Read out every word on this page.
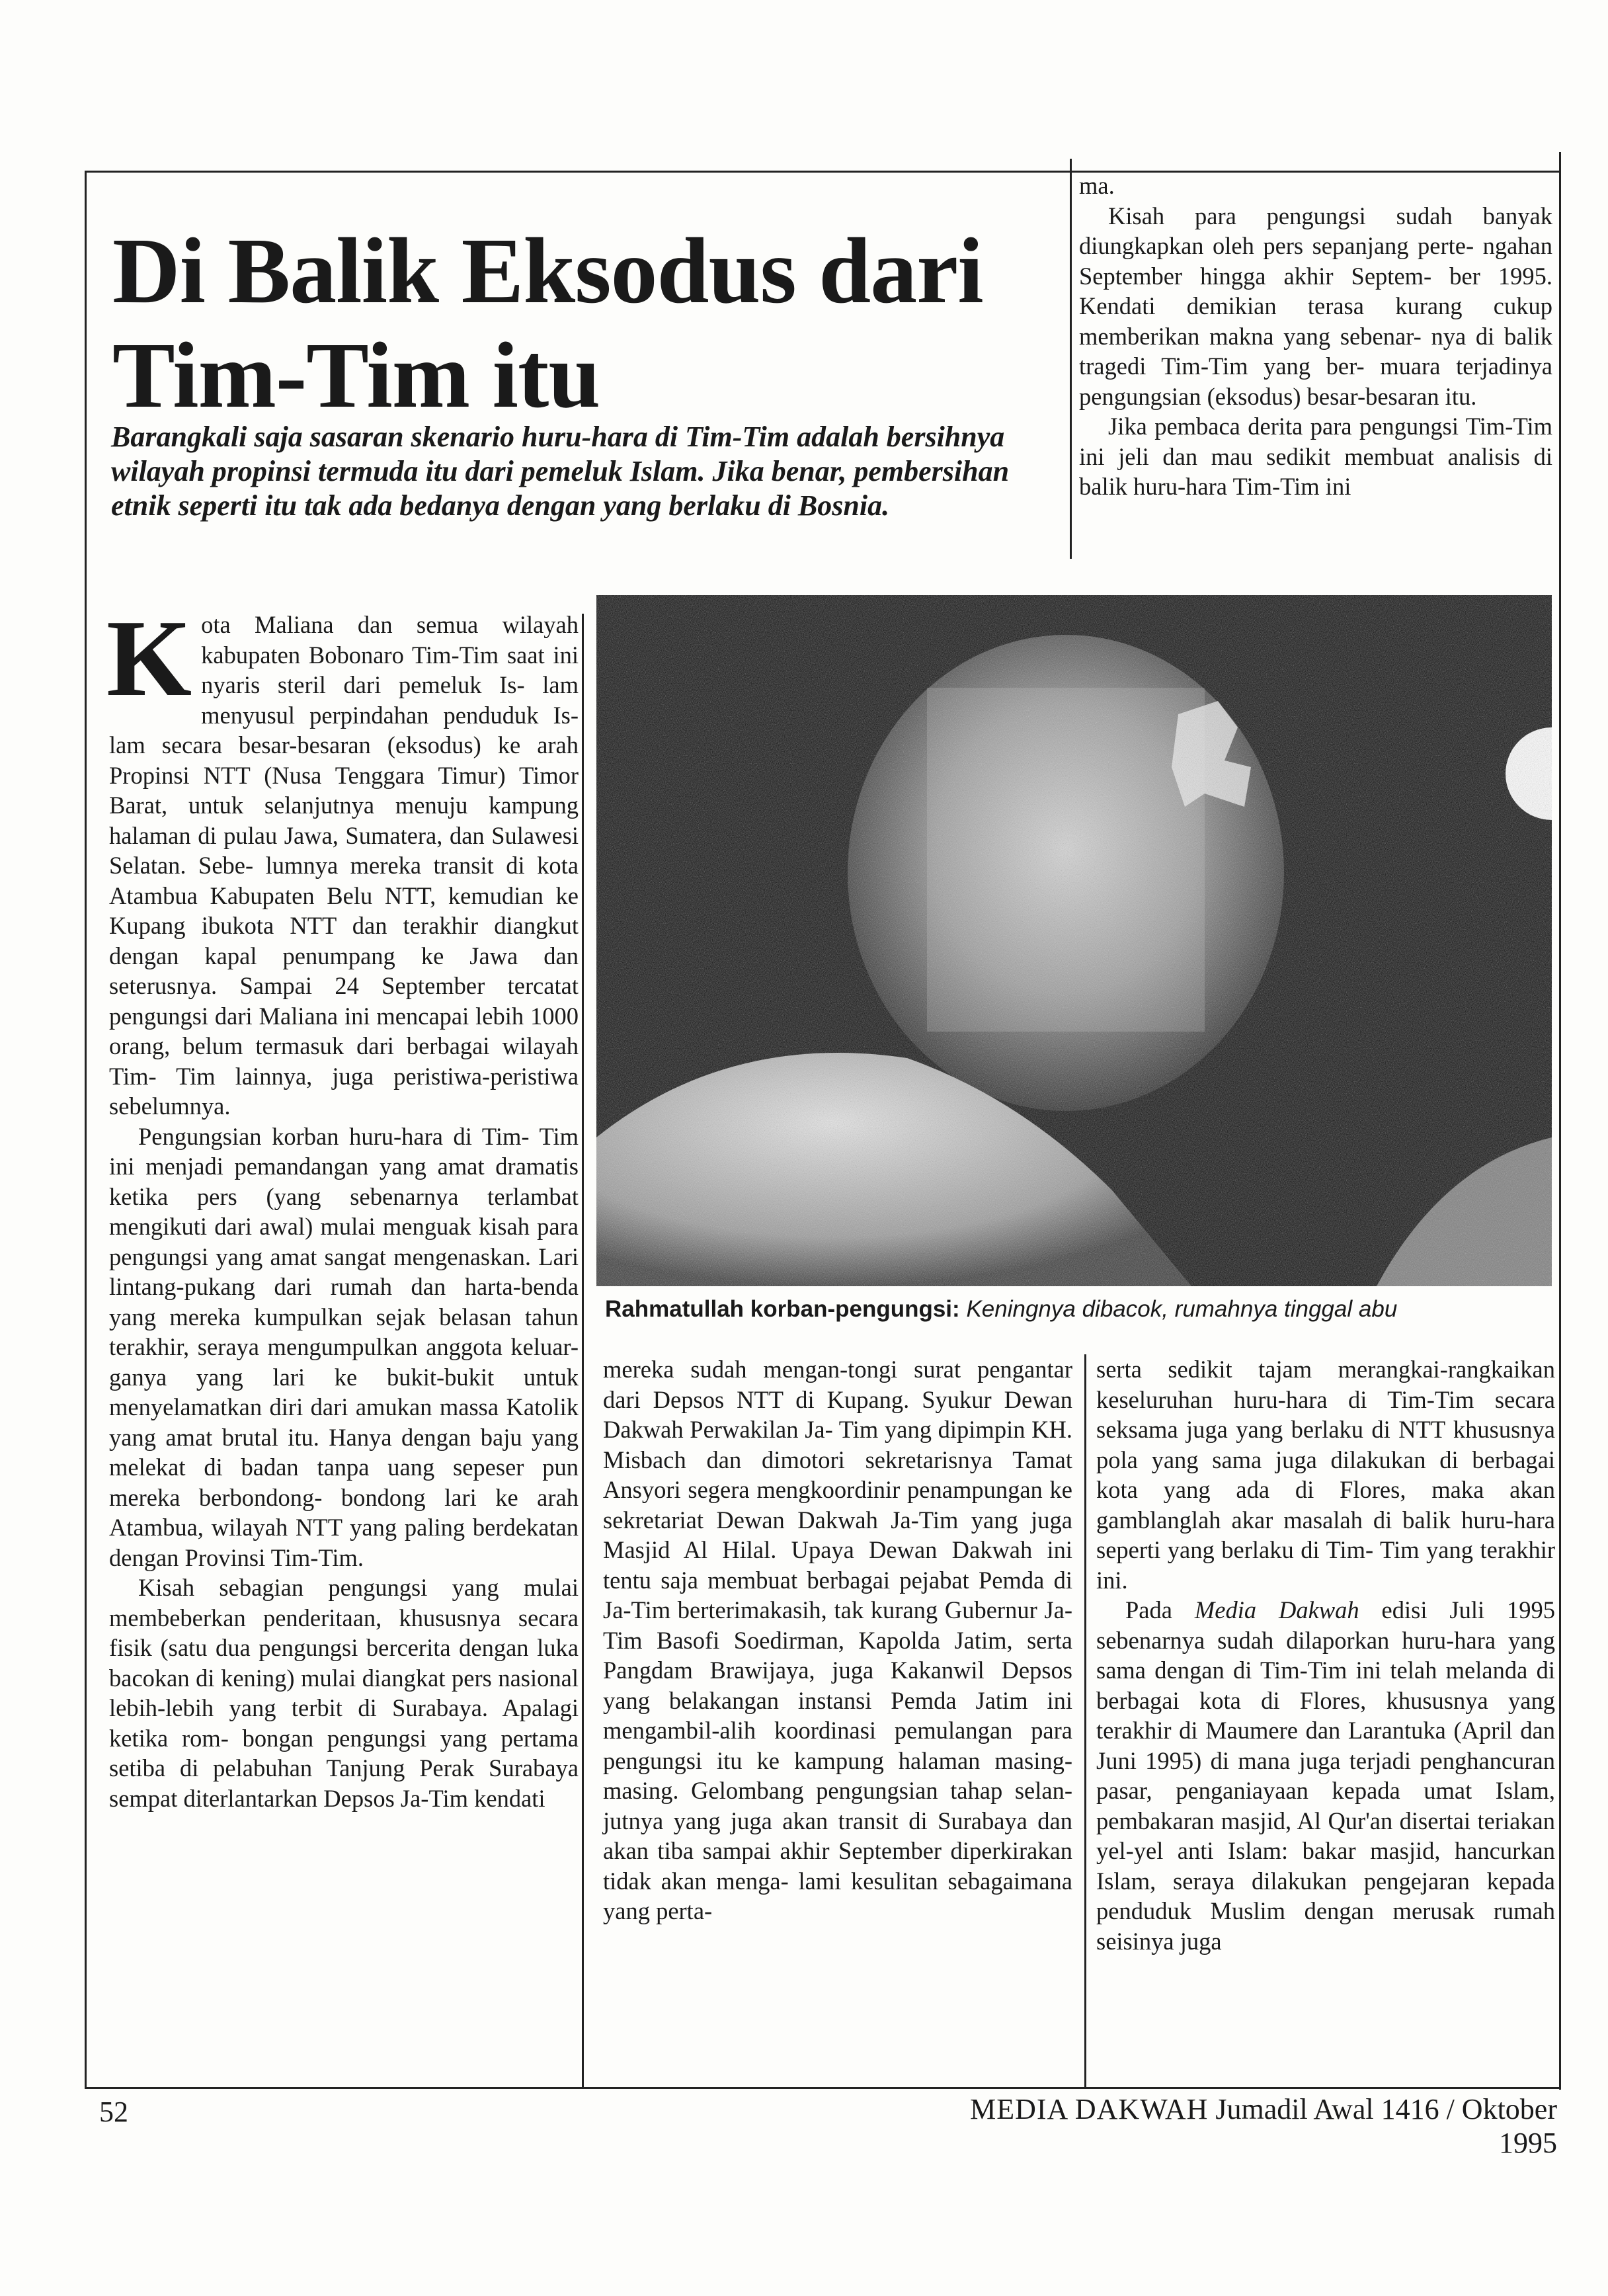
Di Balik Eksodus dari
Tim-Tim itu

Barangkali saja sasaran skenario huru-hara di Tim-Tim adalah bersihnya wilayah propinsi termuda itu dari pemeluk Islam. Jika benar, pembersihan etnik seperti itu tak ada bedanya dengan yang berlaku di Bosnia.

ma.

Kisah para pengungsi sudah banyak diungkapkan oleh pers sepanjang perte- ngahan September hingga akhir Septem- ber 1995. Kendati demikian terasa kurang cukup memberikan makna yang sebenar- nya di balik tragedi Tim-Tim yang ber- muara terjadinya pengungsian (eksodus) besar-besaran itu.

Jika pembaca derita para pengungsi Tim-Tim ini jeli dan mau sedikit membuat analisis di balik huru-hara Tim-Tim ini

K ota Maliana dan semua wilayah kabupaten Bobonaro Tim-Tim saat ini nyaris steril dari pemeluk Is- lam menyusul perpindahan penduduk Is- lam secara besar-besaran (eksodus) ke arah Propinsi NTT (Nusa Tenggara Timur) Timor Barat, untuk selanjutnya menuju kampung halaman di pulau Jawa, Sumatera, dan Sulawesi Selatan. Sebe- lumnya mereka transit di kota Atambua Kabupaten Belu NTT, kemudian ke Kupang ibukota NTT dan terakhir diangkut dengan kapal penumpang ke Jawa dan seterusnya. Sampai 24 September tercatat pengungsi dari Maliana ini mencapai lebih 1000 orang, belum termasuk dari berbagai wilayah Tim- Tim lainnya, juga peristiwa-peristiwa sebelumnya.

Pengungsian korban huru-hara di Tim- Tim ini menjadi pemandangan yang amat dramatis ketika pers (yang sebenarnya terlambat mengikuti dari awal) mulai menguak kisah para pengungsi yang amat sangat mengenaskan. Lari lintang-pukang dari rumah dan harta-benda yang mereka kumpulkan sejak belasan tahun terakhir, seraya mengumpulkan anggota keluar- ganya yang lari ke bukit-bukit untuk menyelamatkan diri dari amukan massa Katolik yang amat brutal itu. Hanya dengan baju yang melekat di badan tanpa uang sepeser pun mereka berbondong- bondong lari ke arah Atambua, wilayah NTT yang paling berdekatan dengan Provinsi Tim-Tim.

Kisah sebagian pengungsi yang mulai membeberkan penderitaan, khususnya secara fisik (satu dua pengungsi bercerita dengan luka bacokan di kening) mulai diangkat pers nasional lebih-lebih yang terbit di Surabaya. Apalagi ketika rom- bongan pengungsi yang pertama setiba di pelabuhan Tanjung Perak Surabaya sempat diterlantarkan Depsos Ja-Tim kendati

Rahmatullah korban-pengungsi: Keningnya dibacok, rumahnya tinggal abu

mereka sudah mengan-tongi surat pengantar dari Depsos NTT di Kupang. Syukur Dewan Dakwah Perwakilan Ja- Tim yang dipimpin KH. Misbach dan dimotori sekretarisnya Tamat Ansyori segera mengkoordinir penampungan ke sekretariat Dewan Dakwah Ja-Tim yang juga Masjid Al Hilal. Upaya Dewan Dakwah ini tentu saja membuat berbagai pejabat Pemda di Ja-Tim berterimakasih, tak kurang Gubernur Ja-Tim Basofi Soedirman, Kapolda Jatim, serta Pangdam Brawijaya, juga Kakanwil Depsos yang belakangan instansi Pemda Jatim ini mengambil-alih koordinasi pemulangan para pengungsi itu ke kampung halaman masing-masing. Gelombang pengungsian tahap selan-jutnya yang juga akan transit di Surabaya dan akan tiba sampai akhir September diperkirakan tidak akan menga- lami kesulitan sebagaimana yang perta-

serta sedikit tajam merangkai-rangkaikan keseluruhan huru-hara di Tim-Tim secara seksama juga yang berlaku di NTT khususnya pola yang sama juga dilakukan di berbagai kota yang ada di Flores, maka akan gamblanglah akar masalah di balik huru-hara seperti yang berlaku di Tim- Tim yang terakhir ini.

Pada Media Dakwah edisi Juli 1995 sebenarnya sudah dilaporkan huru-hara yang sama dengan di Tim-Tim ini telah melanda di berbagai kota di Flores, khususnya yang terakhir di Maumere dan Larantuka (April dan Juni 1995) di mana juga terjadi penghancuran pasar, penganiayaan kepada umat Islam, pembakaran masjid, Al Qur'an disertai teriakan yel-yel anti Islam: bakar masjid, hancurkan Islam, seraya dilakukan pengejaran kepada penduduk Muslim dengan merusak rumah seisinya juga

52	MEDIA DAKWAH Jumadil Awal 1416 / Oktober 1995
